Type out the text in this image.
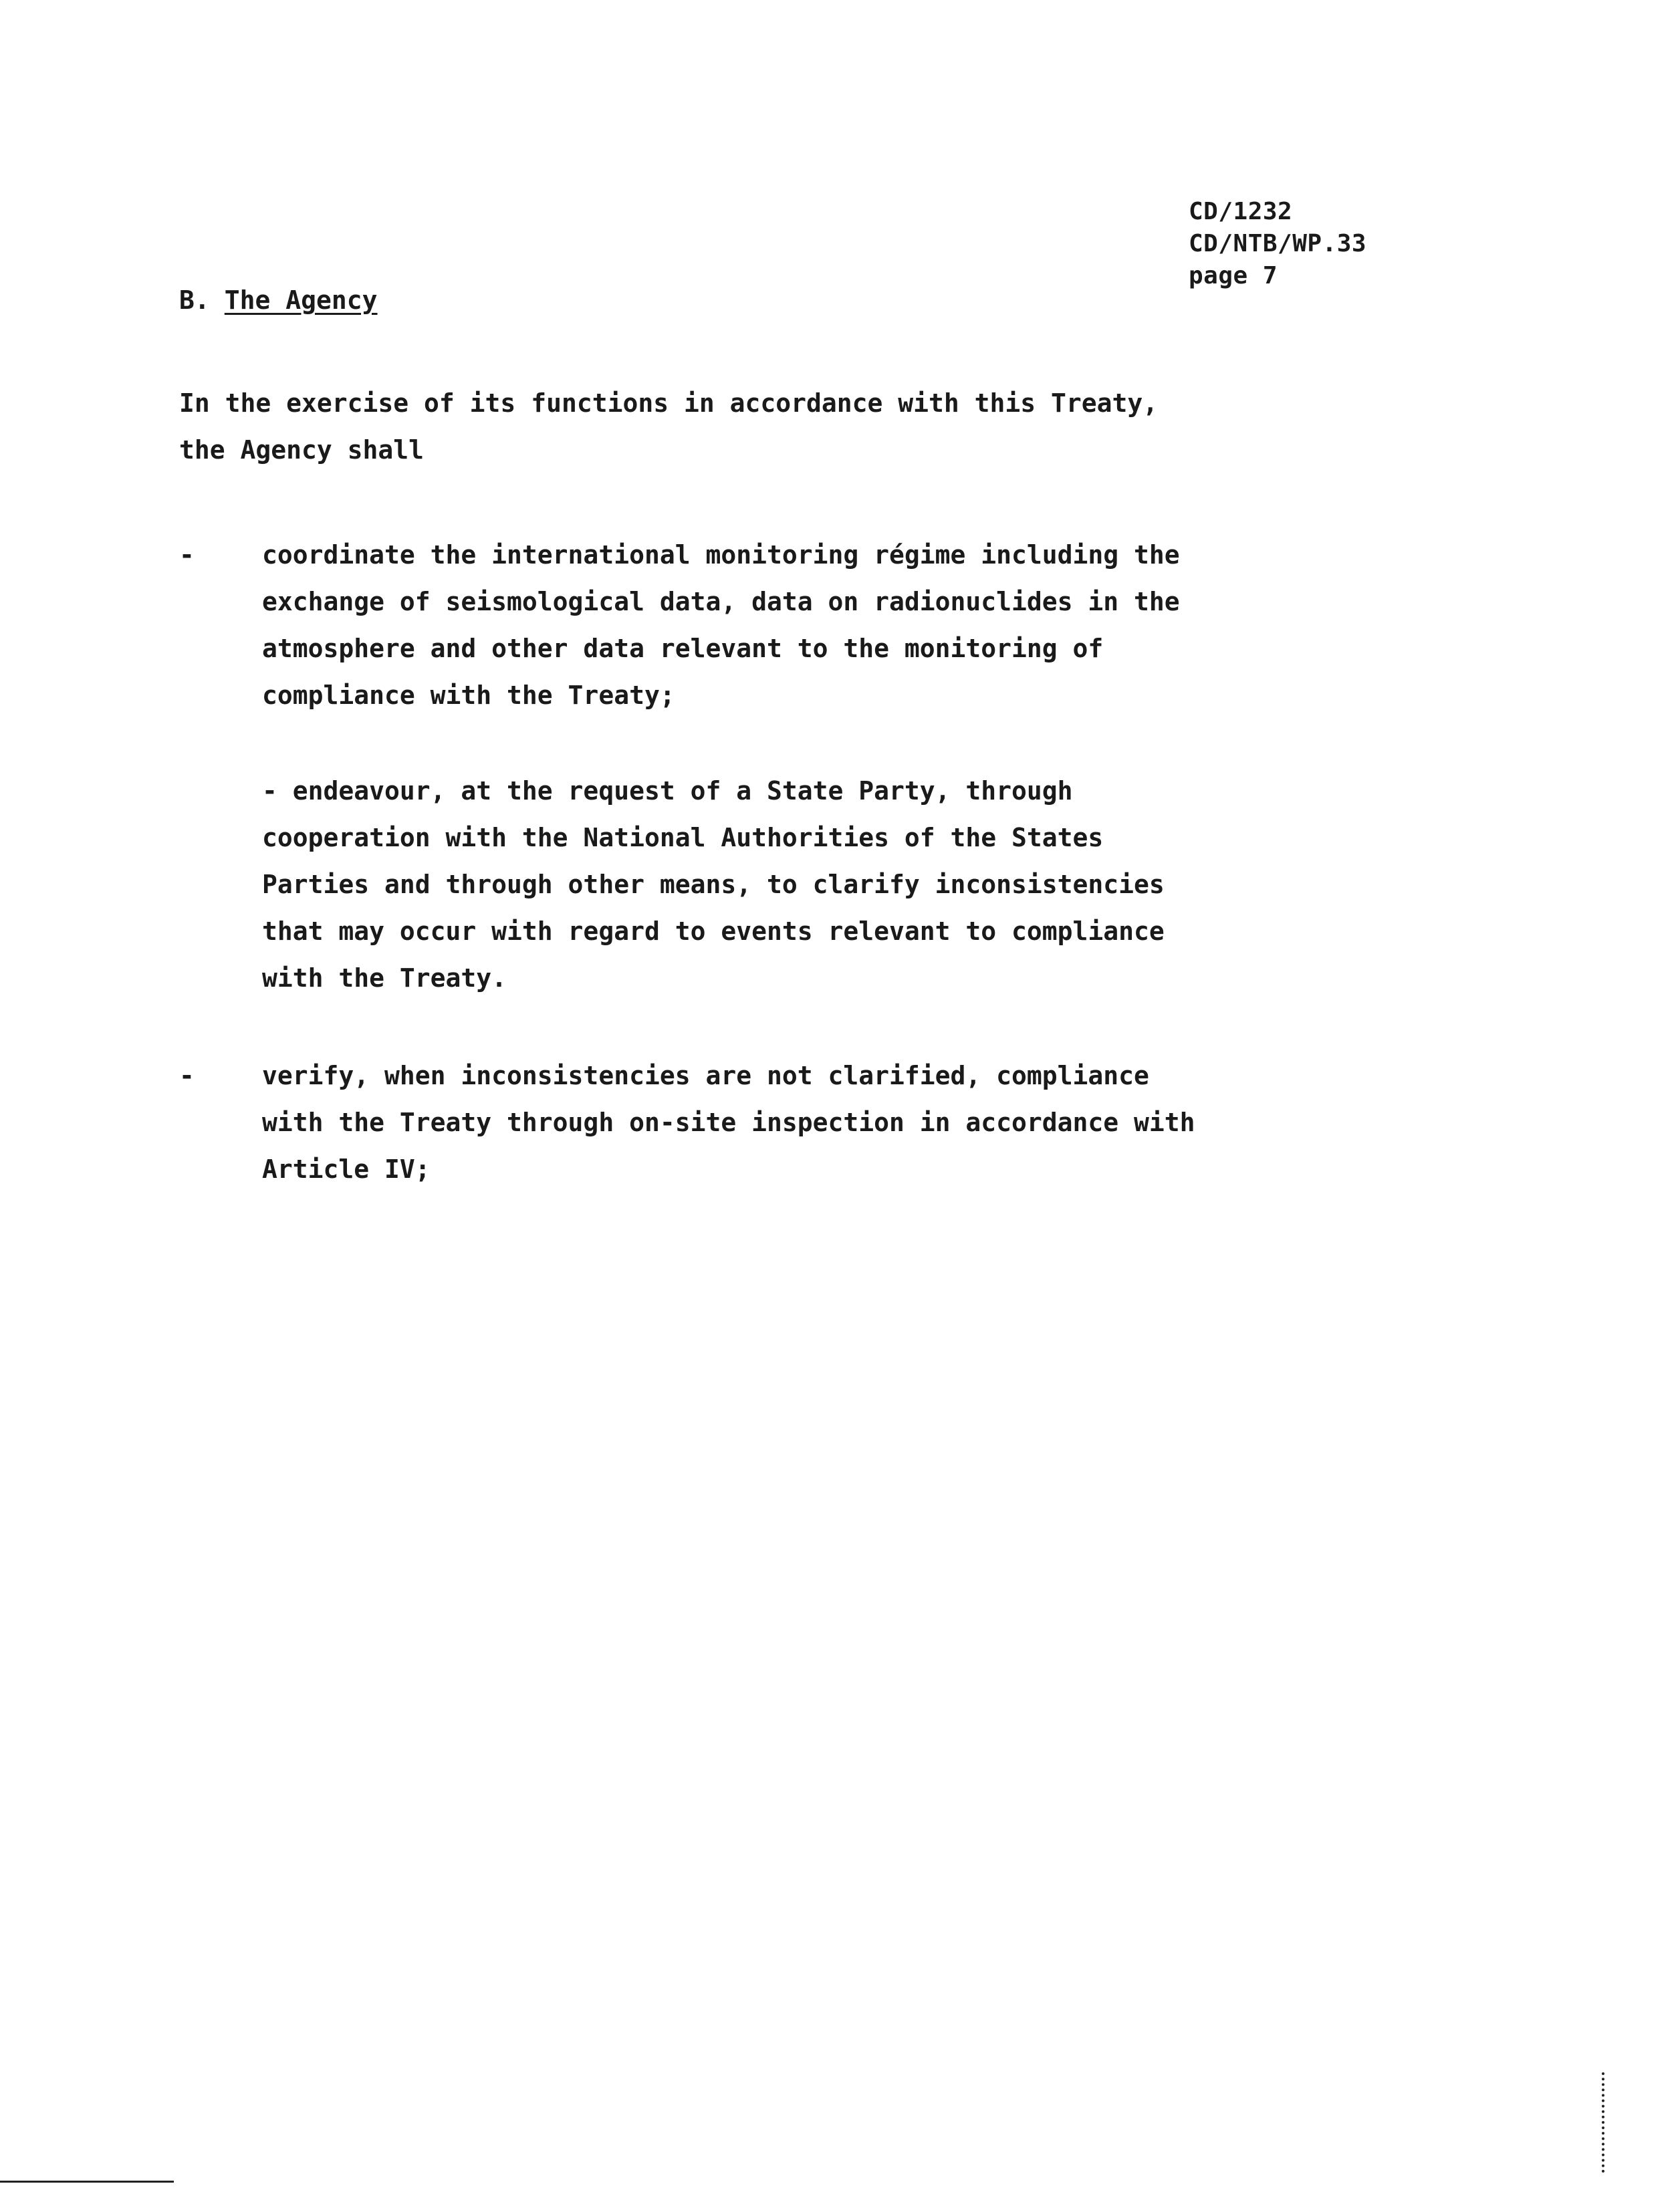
CD/1232
CD/NTB/WP.33
page 7
B. The Agency
In the exercise of its functions in accordance with this Treaty,
the Agency shall
-	coordinate the international monitoring régime including the
exchange of seismological data, data on radionuclides in the
atmosphere and other data relevant to the monitoring of
compliance with the Treaty;
- endeavour, at the request of a State Party, through
cooperation with the National Authorities of the States
Parties and through other means, to clarify inconsistencies
that may occur with regard to events relevant to compliance
with the Treaty.
-	verify, when inconsistencies are not clarified, compliance
with the Treaty through on-site inspection in accordance with
Article IV;
